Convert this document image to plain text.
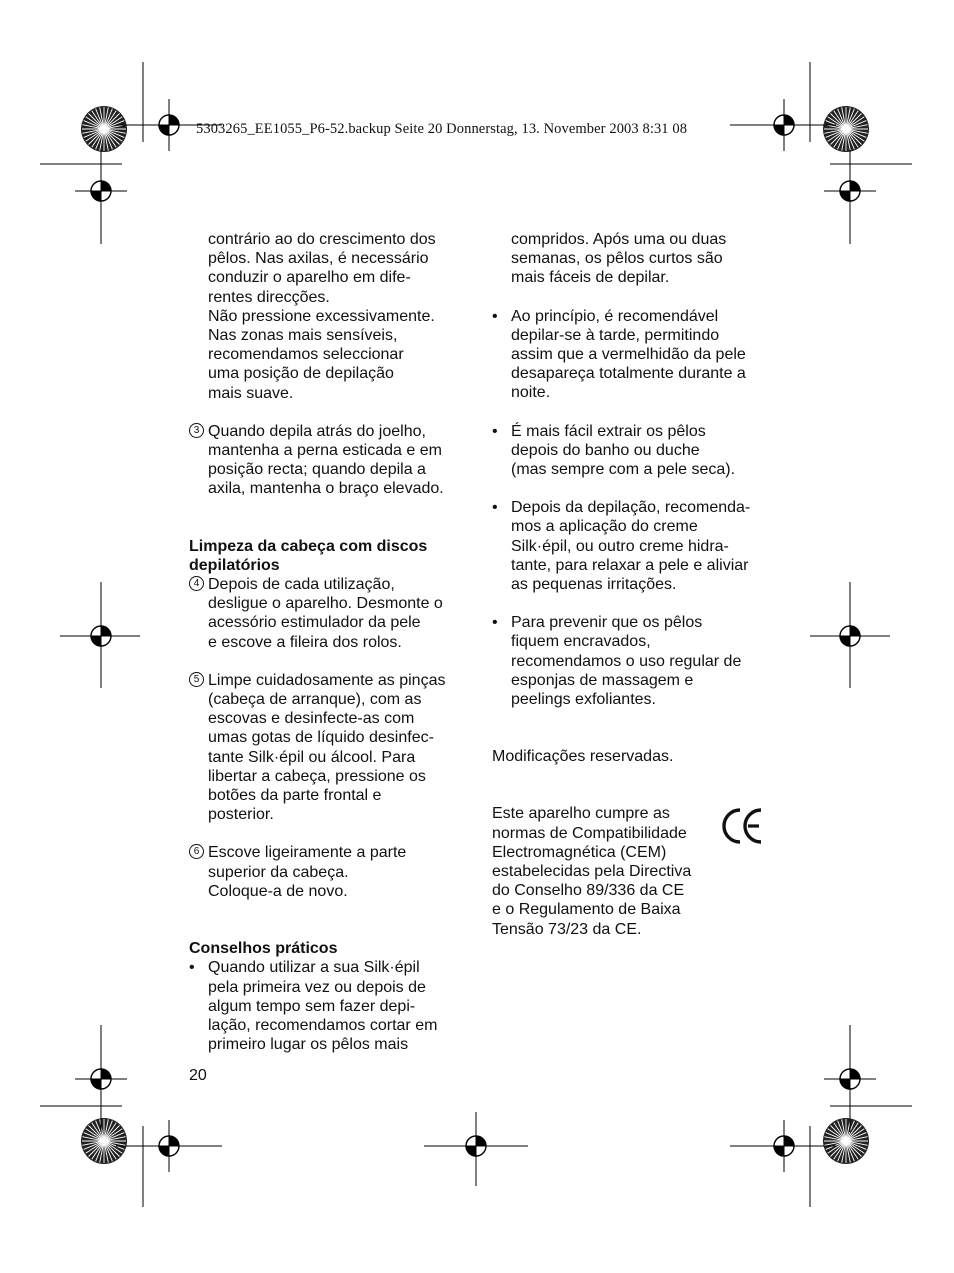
5303265_EE1055_P6-52.backup Seite 20 Donnerstag, 13. November 2003 8:31 08

contrário ao do crescimento dos

pêlos. Nas axilas, é necessário

conduzir o aparelho em dife-

rentes direcções.

Não pressione excessivamente.

Nas zonas mais sensíveis,

recomendamos seleccionar

uma posição de depilação

mais suave.

3 Quando depila atrás do joelho,

mantenha a perna esticada e em

posição recta; quando depila a

axila, mantenha o braço elevado.

Limpeza da cabeça com discos

depilatórios

4 Depois de cada utilização,

desligue o aparelho. Desmonte o

acessório estimulador da pele

e escove a fileira dos rolos.

5 Limpe cuidadosamente as pinças

(cabeça de arranque), com as

escovas e desinfecte-as com

umas gotas de líquido desinfec-

tante Silk·épil ou álcool. Para

libertar a cabeça, pressione os

botões da parte frontal e

posterior.

6 Escove ligeiramente a parte

superior da cabeça.

Coloque-a de novo.

Conselhos práticos

• Quando utilizar a sua Silk·épil

pela primeira vez ou depois de

algum tempo sem fazer depi-

lação, recomendamos cortar em

primeiro lugar os pêlos mais

compridos. Após uma ou duas

semanas, os pêlos curtos são

mais fáceis de depilar.

• Ao princípio, é recomendável

depilar-se à tarde, permitindo

assim que a vermelhidão da pele

desapareça totalmente durante a

noite.

• É mais fácil extrair os pêlos

depois do banho ou duche

(mas sempre com a pele seca).

• Depois da depilação, recomenda-

mos a aplicação do creme

Silk·épil, ou outro creme hidra-

tante, para relaxar a pele e aliviar

as pequenas irritações.

• Para prevenir que os pêlos

fiquem encravados,

recomendamos o uso regular de

esponjas de massagem e

peelings exfoliantes.

Modificações reservadas.

Este aparelho cumpre as

normas de Compatibilidade

Electromagnética (CEM)

estabelecidas pela Directiva

do Conselho 89/336 da CE

e o Regulamento de Baixa

Tensão 73/23 da CE.

20
